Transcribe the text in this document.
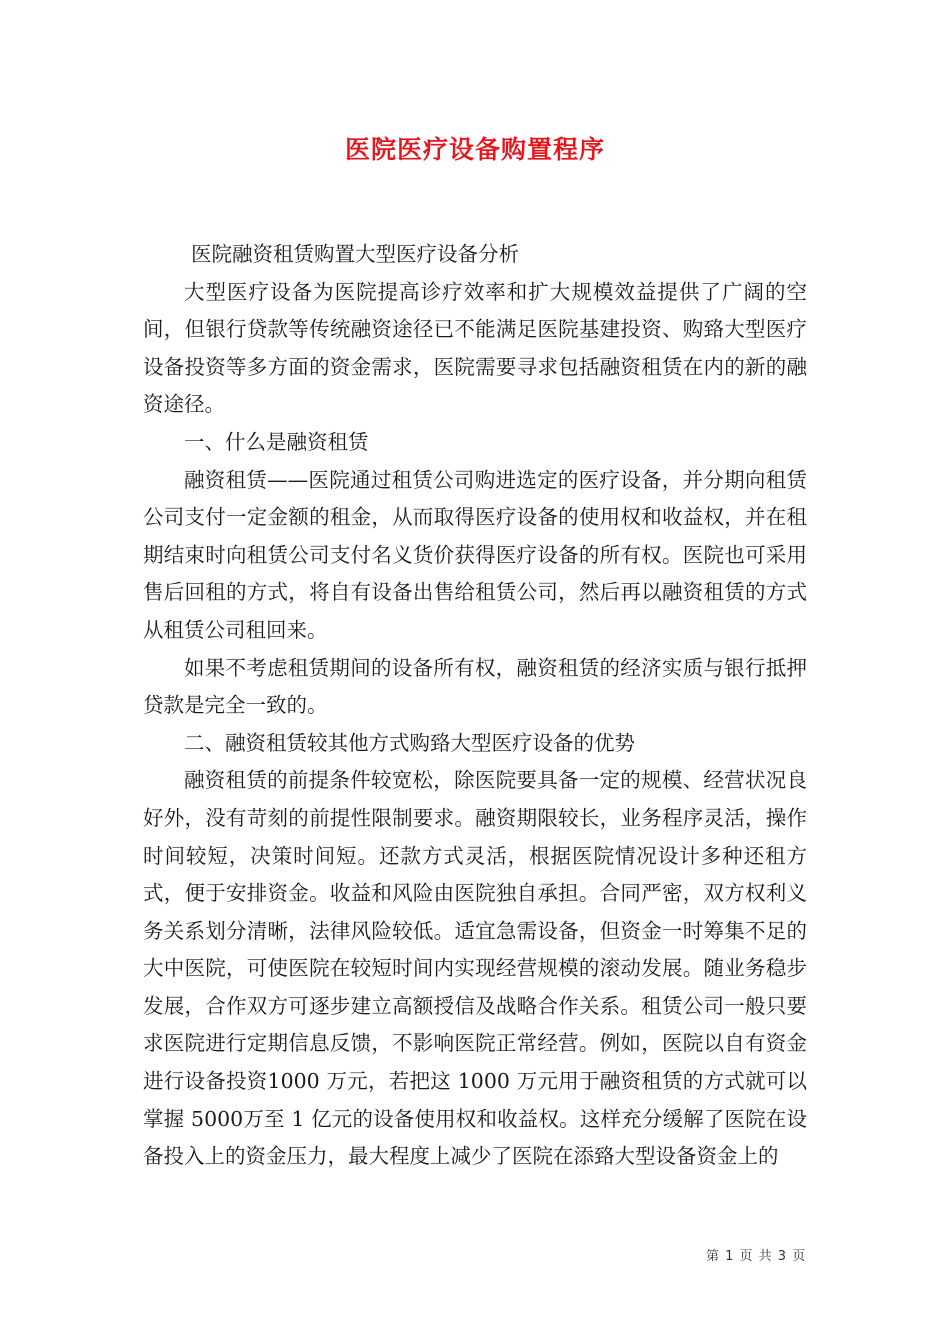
医院医疗设备购置程序

医院融资租赁购置大型医疗设备分析

大型医疗设备为医院提高诊疗效率和扩大规模效益提供了广阔的空间，但银行贷款等传统融资途径已不能满足医院基建投资、购臵大型医疗设备投资等多方面的资金需求，医院需要寻求包括融资租赁在内的新的融资途径。

一、什么是融资租赁

融资租赁——医院通过租赁公司购进选定的医疗设备，并分期向租赁公司支付一定金额的租金，从而取得医疗设备的使用权和收益权，并在租期结束时向租赁公司支付名义货价获得医疗设备的所有权。医院也可采用售后回租的方式，将自有设备出售给租赁公司，然后再以融资租赁的方式从租赁公司租回来。

如果不考虑租赁期间的设备所有权，融资租赁的经济实质与银行抵押贷款是完全一致的。

二、融资租赁较其他方式购臵大型医疗设备的优势

融资租赁的前提条件较宽松，除医院要具备一定的规模、经营状况良好外，没有苛刻的前提性限制要求。融资期限较长，业务程序灵活，操作时间较短，决策时间短。还款方式灵活，根据医院情况设计多种还租方式，便于安排资金。收益和风险由医院独自承担。合同严密，双方权利义务关系划分清晰，法律风险较低。适宜急需设备，但资金一时筹集不足的大中医院，可使医院在较短时间内实现经营规模的滚动发展。随业务稳步发展，合作双方可逐步建立高额授信及战略合作关系。租赁公司一般只要求医院进行定期信息反馈，不影响医院正常经营。例如，医院以自有资金进行设备投资1000 万元，若把这 1000 万元用于融资租赁的方式就可以掌握 5000万至 1 亿元的设备使用权和收益权。这样充分缓解了医院在设备投入上的资金压力，最大程度上减少了医院在添臵大型设备资金上的

第 1 页 共 3 页
